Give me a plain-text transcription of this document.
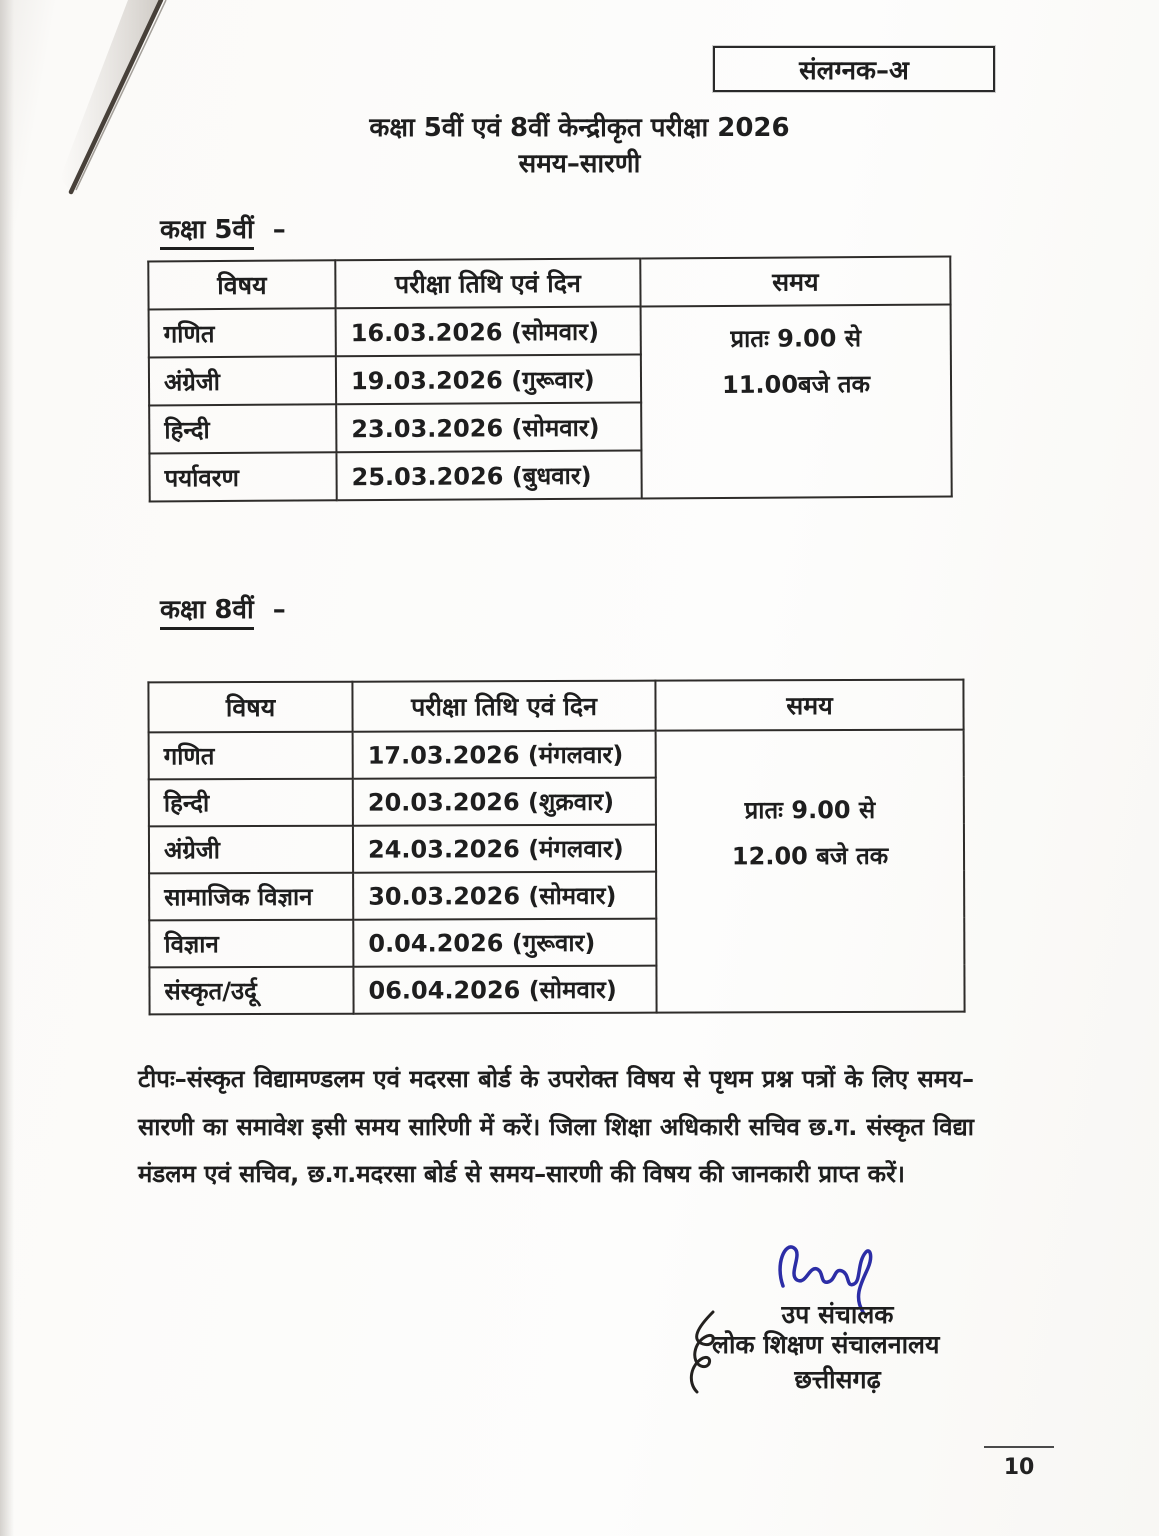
संलग्नक–अ
कक्षा 5वीं एवं 8वीं केन्द्रीकृत परीक्षा 2026
समय–सारणी
कक्षा 5वीं –
विषय	परीक्षा तिथि एवं दिन	समय
गणित	16.03.2026 (सोमवार)	प्रातः 9.00 से
11.00बजे तक

अंग्रेजी	19.03.2026 (गुरूवार)	
हिन्दी	23.03.2026 (सोमवार)	
पर्यावरण	25.03.2026 (बुधवार)	
कक्षा 8वीं –
विषय	परीक्षा तिथि एवं दिन	समय
गणित	17.03.2026 (मंगलवार)	प्रातः 9.00 से
12.00 बजे तक

हिन्दी	20.03.2026 (शुक्रवार)	
अंग्रेजी	24.03.2026 (मंगलवार)	
सामाजिक विज्ञान	30.03.2026 (सोमवार)	
विज्ञान	0.04.2026 (गुरूवार)	
संस्कृत/उर्दू	06.04.2026 (सोमवार)	

टीपः–संस्कृत विद्यामण्डलम एवं मदरसा बोर्ड के उपरोक्त विषय से पृथम प्रश्न पत्रों के लिए समय–सारणी का समावेश इसी समय सारिणी में करें। जिला शिक्षा अधिकारी सचिव छ.ग. संस्कृत विद्या मंडलम एवं सचिव, छ.ग.मदरसा बोर्ड से समय–सारणी की विषय की जानकारी प्राप्त करें।

उप संचालक
लोक शिक्षण संचालनालय
छत्तीसगढ़
10
